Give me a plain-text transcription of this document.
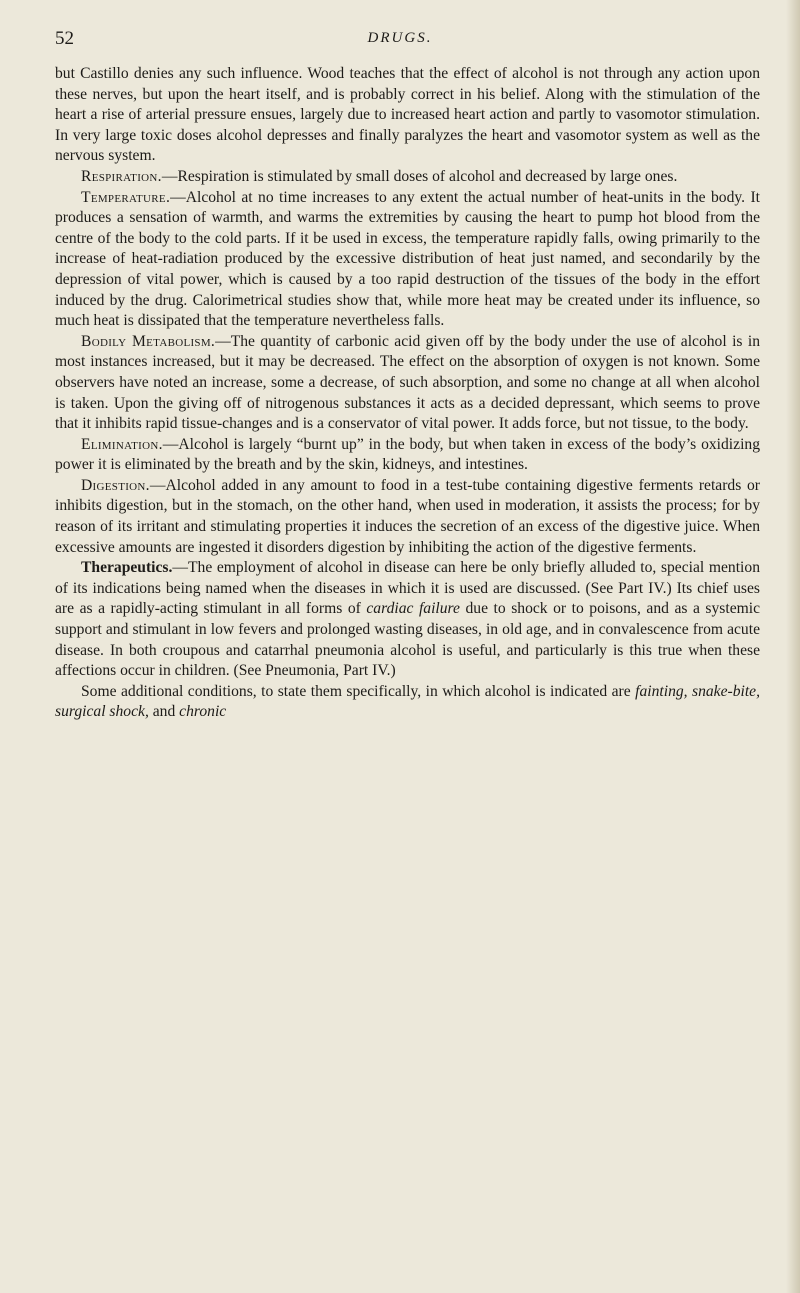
52	DRUGS.

but Castillo denies any such influence. Wood teaches that the effect of alcohol is not through any action upon these nerves, but upon the heart itself, and is probably correct in his belief. Along with the stimulation of the heart a rise of arterial pressure ensues, largely due to increased heart action and partly to vasomotor stimulation. In very large toxic doses alcohol depresses and finally paralyzes the heart and vasomotor system as well as the nervous system.

Respiration.—Respiration is stimulated by small doses of alcohol and decreased by large ones.

Temperature.—Alcohol at no time increases to any extent the actual number of heat-units in the body. It produces a sensation of warmth, and warms the extremities by causing the heart to pump hot blood from the centre of the body to the cold parts. If it be used in excess, the temperature rapidly falls, owing primarily to the increase of heat-radiation produced by the excessive distribution of heat just named, and secondarily by the depression of vital power, which is caused by a too rapid destruction of the tissues of the body in the effort induced by the drug. Calorimetrical studies show that, while more heat may be created under its influence, so much heat is dissipated that the temperature nevertheless falls.

Bodily Metabolism.—The quantity of carbonic acid given off by the body under the use of alcohol is in most instances increased, but it may be decreased. The effect on the absorption of oxygen is not known. Some observers have noted an increase, some a decrease, of such absorption, and some no change at all when alcohol is taken. Upon the giving off of nitrogenous substances it acts as a decided depressant, which seems to prove that it inhibits rapid tissue-changes and is a conservator of vital power. It adds force, but not tissue, to the body.

Elimination.—Alcohol is largely “burnt up” in the body, but when taken in excess of the body’s oxidizing power it is eliminated by the breath and by the skin, kidneys, and intestines.

Digestion.—Alcohol added in any amount to food in a test-tube containing digestive ferments retards or inhibits digestion, but in the stomach, on the other hand, when used in moderation, it assists the process; for by reason of its irritant and stimulating properties it induces the secretion of an excess of the digestive juice. When excessive amounts are ingested it disorders digestion by inhibiting the action of the digestive ferments.

Therapeutics.—The employment of alcohol in disease can here be only briefly alluded to, special mention of its indications being named when the diseases in which it is used are discussed. (See Part IV.) Its chief uses are as a rapidly-acting stimulant in all forms of cardiac failure due to shock or to poisons, and as a systemic support and stimulant in low fevers and prolonged wasting diseases, in old age, and in convalescence from acute disease. In both croupous and catarrhal pneumonia alcohol is useful, and particularly is this true when these affections occur in children. (See Pneumonia, Part IV.)

Some additional conditions, to state them specifically, in which alcohol is indicated are fainting, snake-bite, surgical shock, and chronic
